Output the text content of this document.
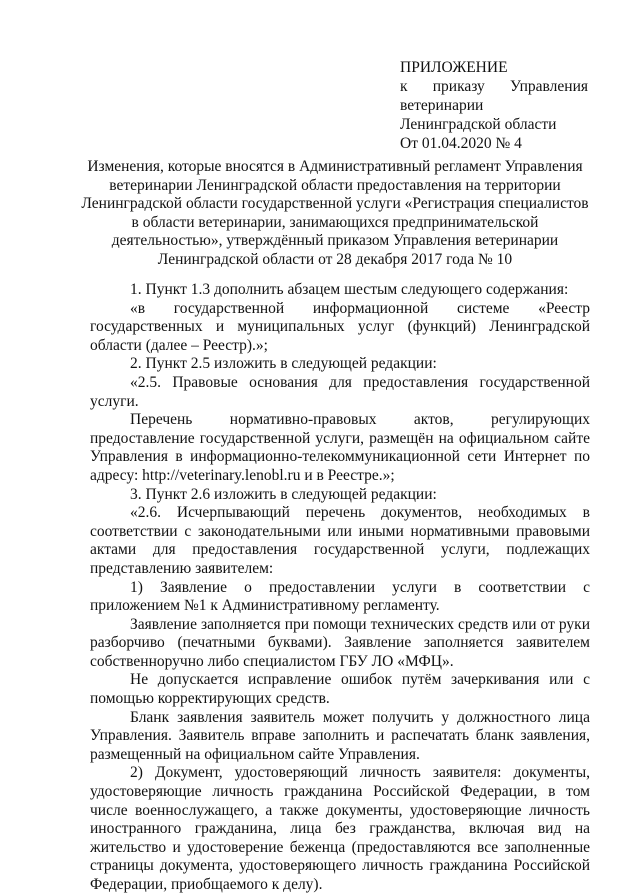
ПРИЛОЖЕНИЕ
к приказу Управления
ветеринарии
Ленинградской области
От 01.04.2020 № 4
Изменения, которые вносятся в Административный регламент Управления ветеринарии Ленинградской области предоставления на территории Ленинградской области государственной услуги «Регистрация специалистов в области ветеринарии, занимающихся предпринимательской деятельностью», утверждённый приказом Управления ветеринарии Ленинградской области от 28 декабря 2017 года № 10

1. Пункт 1.3 дополнить абзацем шестым следующего содержания:

«в государственной информационной системе «Реестр государственных и муниципальных услуг (функций) Ленинградской области (далее – Реестр).»;

2. Пункт 2.5 изложить в следующей редакции:

«2.5. Правовые основания для предоставления государственной услуги.

Перечень нормативно-правовых актов, регулирующих предоставление государственной услуги, размещён на официальном сайте Управления в информационно-телекоммуникационной сети Интернет по адресу: http://veterinary.lenobl.ru и в Реестре.»;

3. Пункт 2.6 изложить в следующей редакции:

«2.6. Исчерпывающий перечень документов, необходимых в соответствии с законодательными или иными нормативными правовыми актами для предоставления государственной услуги, подлежащих представлению заявителем:

1) Заявление о предоставлении услуги в соответствии с приложением №1 к Административному регламенту.

Заявление заполняется при помощи технических средств или от руки разборчиво (печатными буквами). Заявление заполняется заявителем собственноручно либо специалистом ГБУ ЛО «МФЦ».

Не допускается исправление ошибок путём зачеркивания или с помощью корректирующих средств.

Бланк заявления заявитель может получить у должностного лица Управления. Заявитель вправе заполнить и распечатать бланк заявления, размещенный на официальном сайте Управления.

2) Документ, удостоверяющий личность заявителя: документы, удостоверяющие личность гражданина Российской Федерации, в том числе военнослужащего, а также документы, удостоверяющие личность иностранного гражданина, лица без гражданства, включая вид на жительство и удостоверение беженца (предоставляются все заполненные страницы документа, удостоверяющего личность гражданина Российской Федерации, приобщаемого к делу).
